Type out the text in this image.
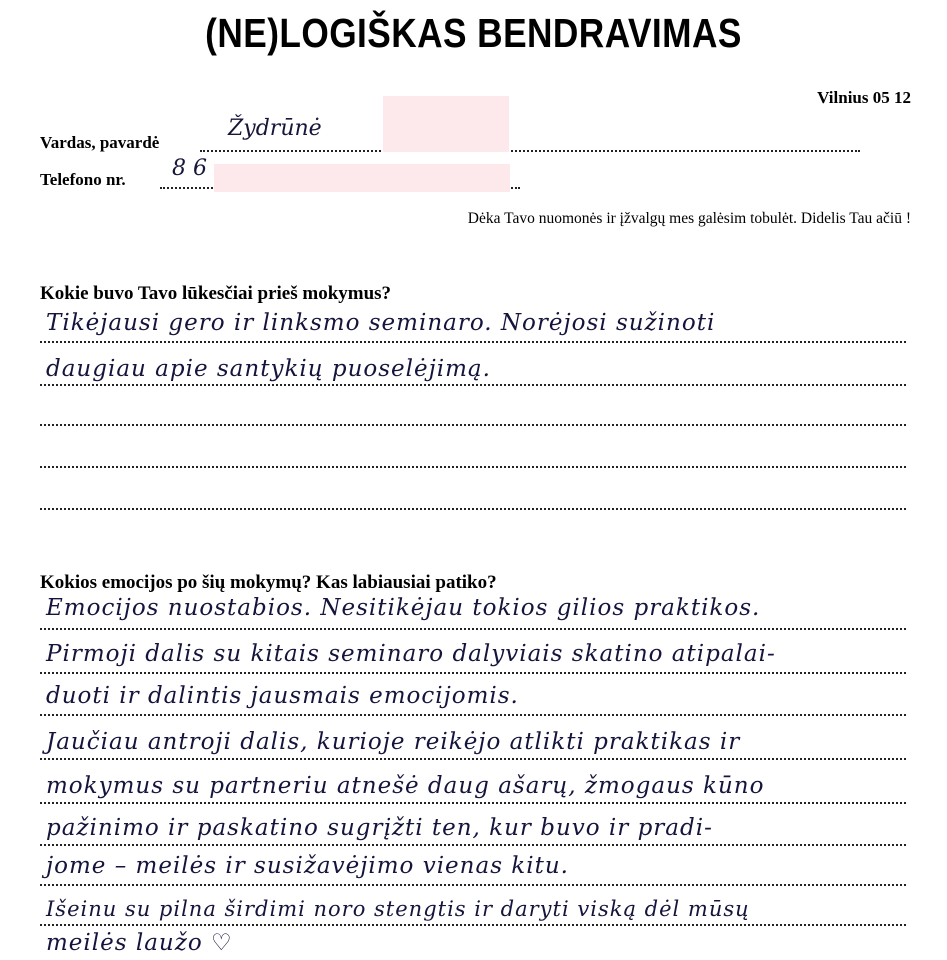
(NE)LOGIŠKAS BENDRAVIMAS
Vilnius 05 12
Vardas, pavardė
Žydrūnė
Telefono nr. 8 6
Dėka Tavo nuomonės ir įžvalgų mes galėsim tobulėt. Didelis Tau ačiū !
Kokie buvo Tavo lūkesčiai prieš mokymus?
Tikėjausi gero ir linksmo seminaro. Norėjosi sužinoti
daugiau apie santykių puoselėjimą.
Kokios emocijos po šių mokymų? Kas labiausiai patiko?
Emocijos nuostabios. Nesitikėjau tokios gilios praktikos.
Pirmoji dalis su kitais seminaro dalyviais skatino atipalai-
duoti ir dalintis jausmais emocijomis.
Jaučiau antroji dalis, kurioje reikėjo atlikti praktikas ir
mokymus su partneriu atnešė daug ašarų, žmogaus kūno
pažinimo ir paskatino sugrįžti ten, kur buvo ir pradi-
jome – meilės ir susižavėjimo vienas kitu.
Išeinu su pilna širdimi noro stengtis ir daryti viską dėl mūsų
meilės laužo ♡
